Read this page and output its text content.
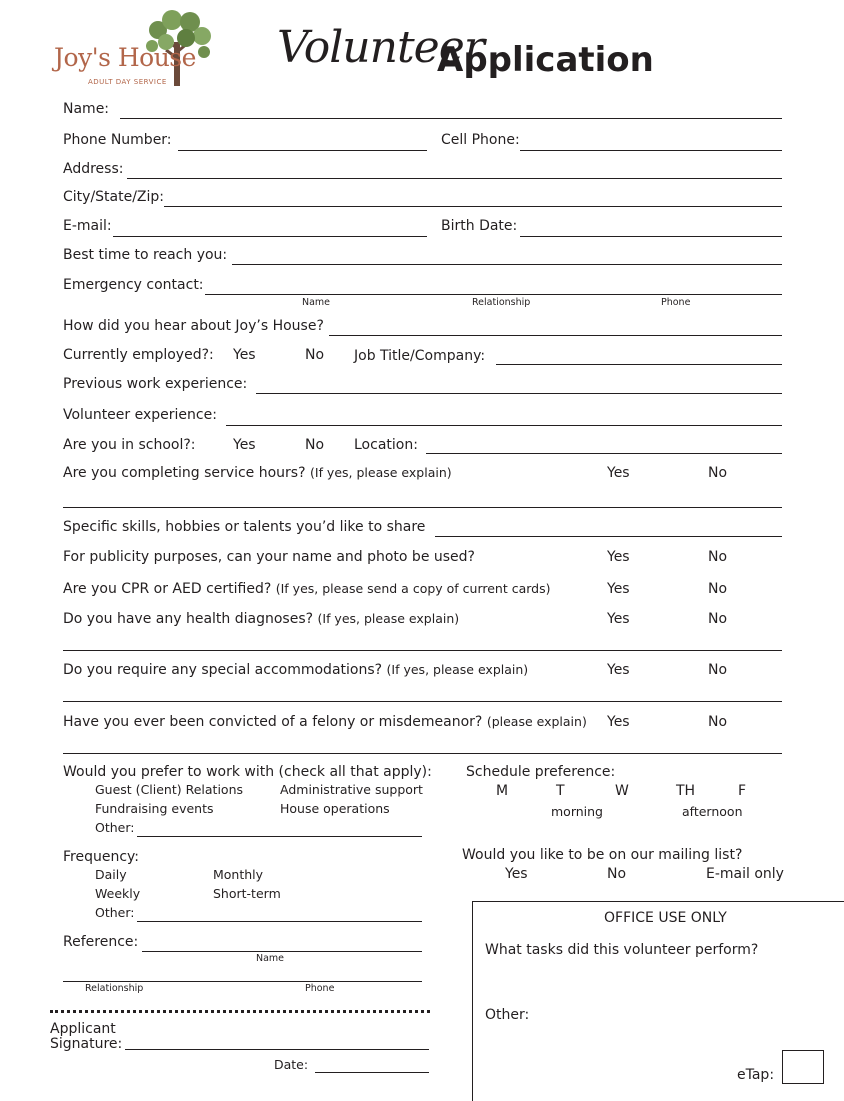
Joy's House
ADULT DAY SERVICE
Volunteer
Application
Name:
Phone Number:	Cell Phone:
Address:
City/State/Zip:
E-mail:	Birth Date:
Best time to reach you:
Emergency contact:
Name	Relationship	Phone
How did you hear about Joy’s House?
Currently employed?: Yes	No Job Title/Company:
Previous work experience:
Volunteer experience:
Are you in school?:	Yes	No Location:
Are you completing service hours? (If yes, please explain)	Yes	No
Specific skills, hobbies or talents you’d like to share
For publicity purposes, can your name and photo be used?	Yes	No
Are you CPR or AED certified? (If yes, please send a copy of current cards)	Yes	No
Do you have any health diagnoses? (If yes, please explain)	Yes	No
Do you require any special accommodations? (If yes, please explain)	Yes	No
Have you ever been convicted of a felony or misdemeanor? (please explain) Yes	No
Would you prefer to work with (check all that apply):
Guest (Client) Relations	Administrative support
Fundraising events	House operations
Other:
Schedule preference:
M	T	W	TH	F
morning	afternoon
Frequency:
Daily	Monthly
Weekly	Short-term
Other:
Would you like to be on our mailing list?
Yes	No	E-mail only
Reference:
Name
Relationship	Phone
Applicant
Signature:
Date:
OFFICE USE ONLY
What tasks did this volunteer perform?
Other:
eTap:
